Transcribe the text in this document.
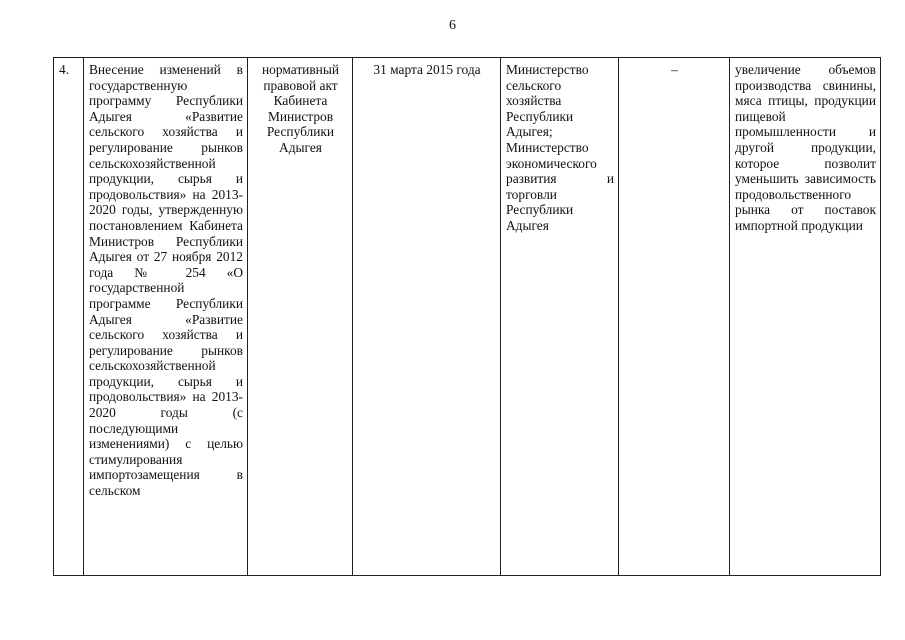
6
4.	Внесение изменений в государственную программу Республики Адыгея «Развитие сельского хозяйства и регулирование рынков сельскохозяйственной продукции, сырья и продовольствия» на 2013-2020 годы, утвержденную постановлением Кабинета Министров Республики Адыгея от 27 ноября 2012 года № 254 «О государственной программе Республики Адыгея «Развитие сельского хозяйства и регулирование рынков сельскохозяйственной продукции, сырья и продовольствия» на 2013-2020 годы (с последующими изменениями) с целью стимулирования импортозамещения в сельском	нормативный правовой акт Кабинета Министров Республики Адыгея	31 марта 2015 года	Министерство сельского хозяйства Республики Адыгея; Министерство экономического развития и торговли Республики Адыгея	–	увеличение объемов производства свинины, мяса птицы, продукции пищевой промышленности и другой продукции, которое позволит уменьшить зависимость продовольственного рынка от поставок импортной продукции
